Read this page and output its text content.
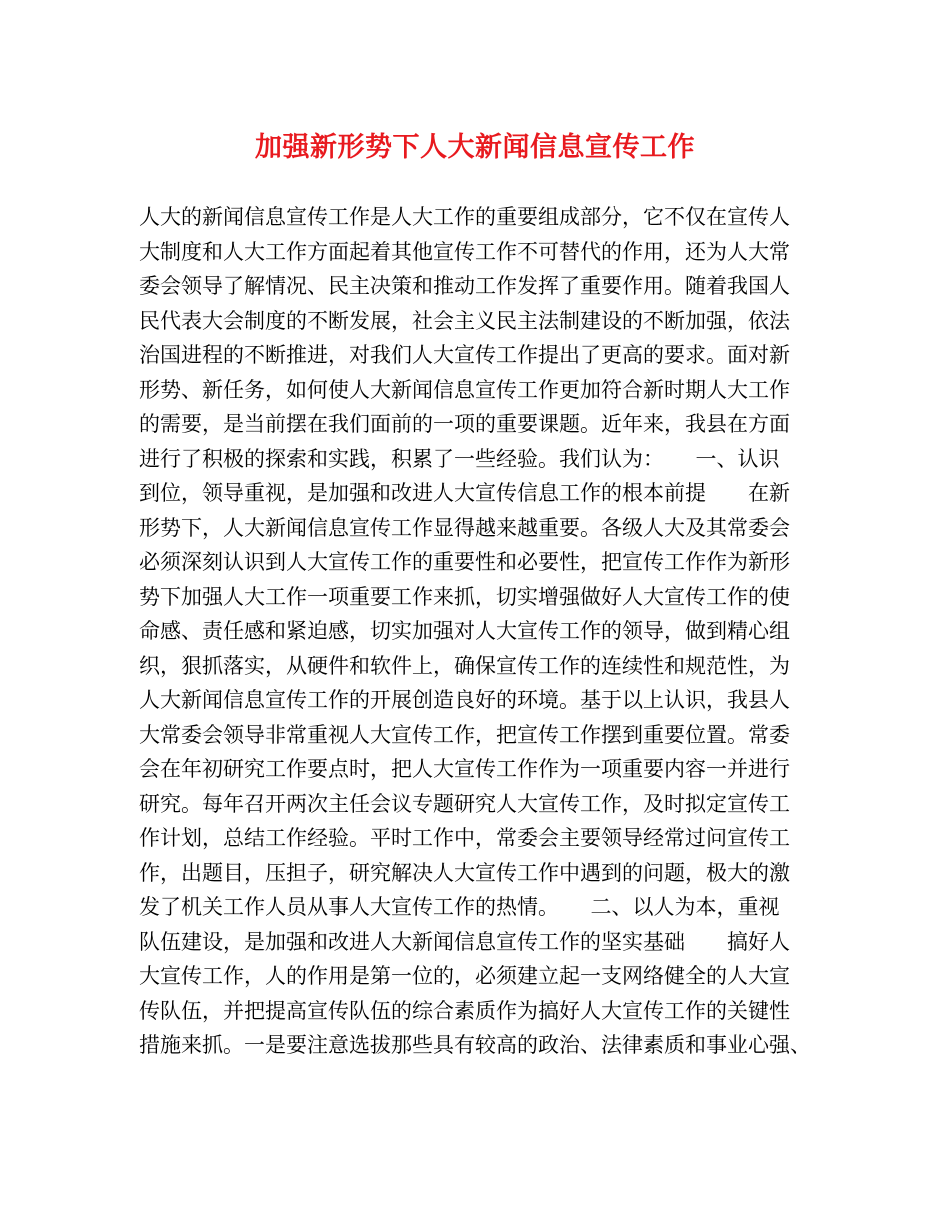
加强新形势下人大新闻信息宣传工作
人大的新闻信息宣传工作是人大工作的重要组成部分，它不仅在宣传人
大制度和人大工作方面起着其他宣传工作不可替代的作用，还为人大常
委会领导了解情况、民主决策和推动工作发挥了重要作用。随着我国人
民代表大会制度的不断发展，社会主义民主法制建设的不断加强，依法
治国进程的不断推进，对我们人大宣传工作提出了更高的要求。面对新
形势、新任务，如何使人大新闻信息宣传工作更加符合新时期人大工作
的需要，是当前摆在我们面前的一项的重要课题。近年来，我县在方面
进行了积极的探索和实践，积累了一些经验。我们认为：　　一、认识
到位，领导重视，是加强和改进人大宣传信息工作的根本前提　　在新
形势下，人大新闻信息宣传工作显得越来越重要。各级人大及其常委会
必须深刻认识到人大宣传工作的重要性和必要性，把宣传工作作为新形
势下加强人大工作一项重要工作来抓，切实增强做好人大宣传工作的使
命感、责任感和紧迫感，切实加强对人大宣传工作的领导，做到精心组
织，狠抓落实，从硬件和软件上，确保宣传工作的连续性和规范性，为
人大新闻信息宣传工作的开展创造良好的环境。基于以上认识，我县人
大常委会领导非常重视人大宣传工作，把宣传工作摆到重要位置。常委
会在年初研究工作要点时，把人大宣传工作作为一项重要内容一并进行
研究。每年召开两次主任会议专题研究人大宣传工作，及时拟定宣传工
作计划，总结工作经验。平时工作中，常委会主要领导经常过问宣传工
作，出题目，压担子，研究解决人大宣传工作中遇到的问题，极大的激
发了机关工作人员从事人大宣传工作的热情。　　二、以人为本，重视
队伍建设，是加强和改进人大新闻信息宣传工作的坚实基础　　搞好人
大宣传工作，人的作用是第一位的，必须建立起一支网络健全的人大宣
传队伍，并把提高宣传队伍的综合素质作为搞好人大宣传工作的关键性
措施来抓。一是要注意选拔那些具有较高的政治、法律素质和事业心强、
